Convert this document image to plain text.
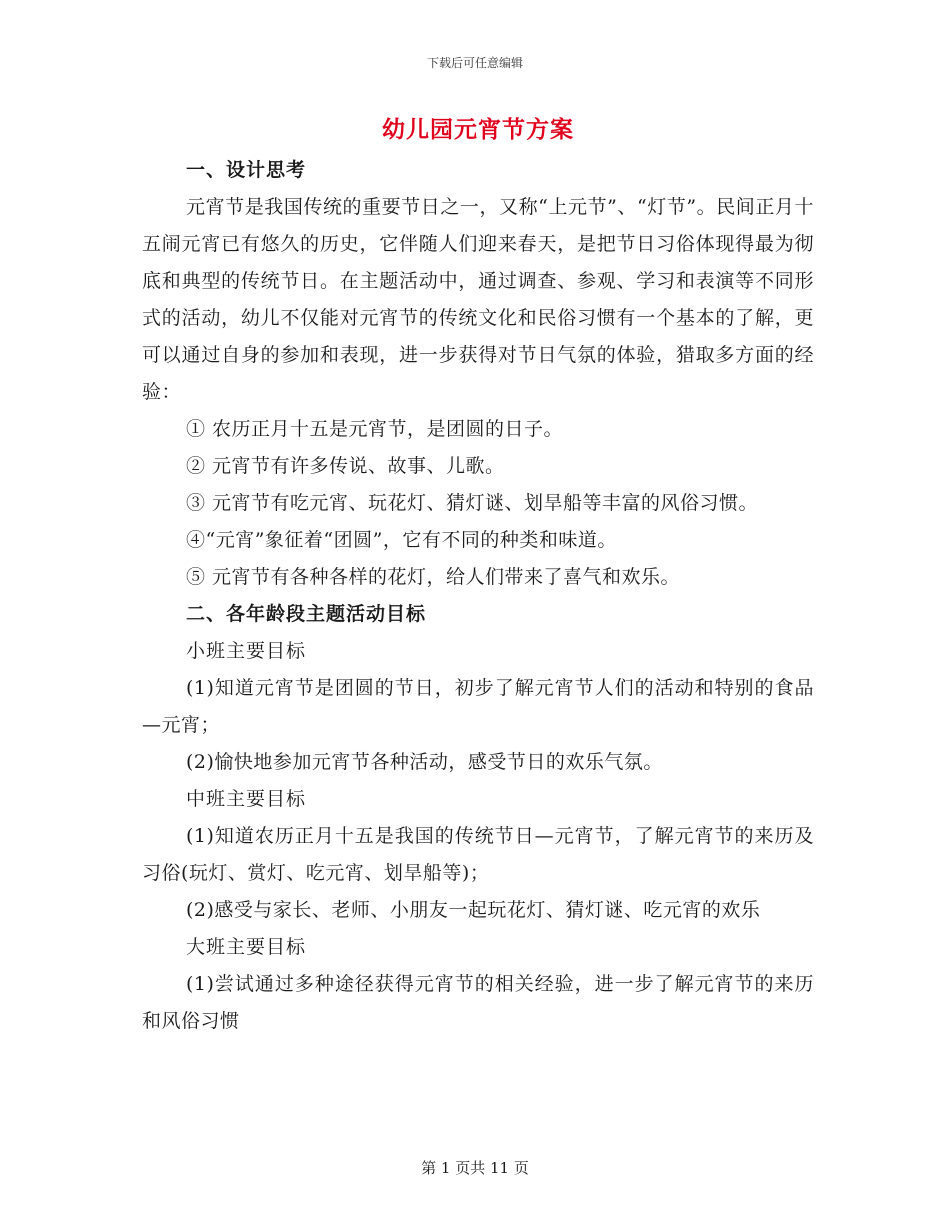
下载后可任意编辑
幼儿园元宵节方案
一、设计思考

元宵节是我国传统的重要节日之一，又称“上元节”、“灯节”。民间正月十五闹元宵已有悠久的历史，它伴随人们迎来春天，是把节日习俗体现得最为彻底和典型的传统节日。在主题活动中，通过调查、参观、学习和表演等不同形式的活动，幼儿不仅能对元宵节的传统文化和民俗习惯有一个基本的了解，更可以通过自身的参加和表现，进一步获得对节日气氛的体验，猎取多方面的经验：

① 农历正月十五是元宵节，是团圆的日子。

② 元宵节有许多传说、故事、儿歌。

③ 元宵节有吃元宵、玩花灯、猜灯谜、划旱船等丰富的风俗习惯。

④“元宵”象征着“团圆”，它有不同的种类和味道。

⑤ 元宵节有各种各样的花灯，给人们带来了喜气和欢乐。

二、各年龄段主题活动目标

小班主要目标

(1)知道元宵节是团圆的节日，初步了解元宵节人们的活动和特别的食品—元宵；

(2)愉快地参加元宵节各种活动，感受节日的欢乐气氛。

中班主要目标

(1)知道农历正月十五是我国的传统节日—元宵节，了解元宵节的来历及习俗(玩灯、赏灯、吃元宵、划旱船等)；

(2)感受与家长、老师、小朋友一起玩花灯、猜灯谜、吃元宵的欢乐

大班主要目标

(1)尝试通过多种途径获得元宵节的相关经验，进一步了解元宵节的来历和风俗习惯

第 1 页共 11 页
